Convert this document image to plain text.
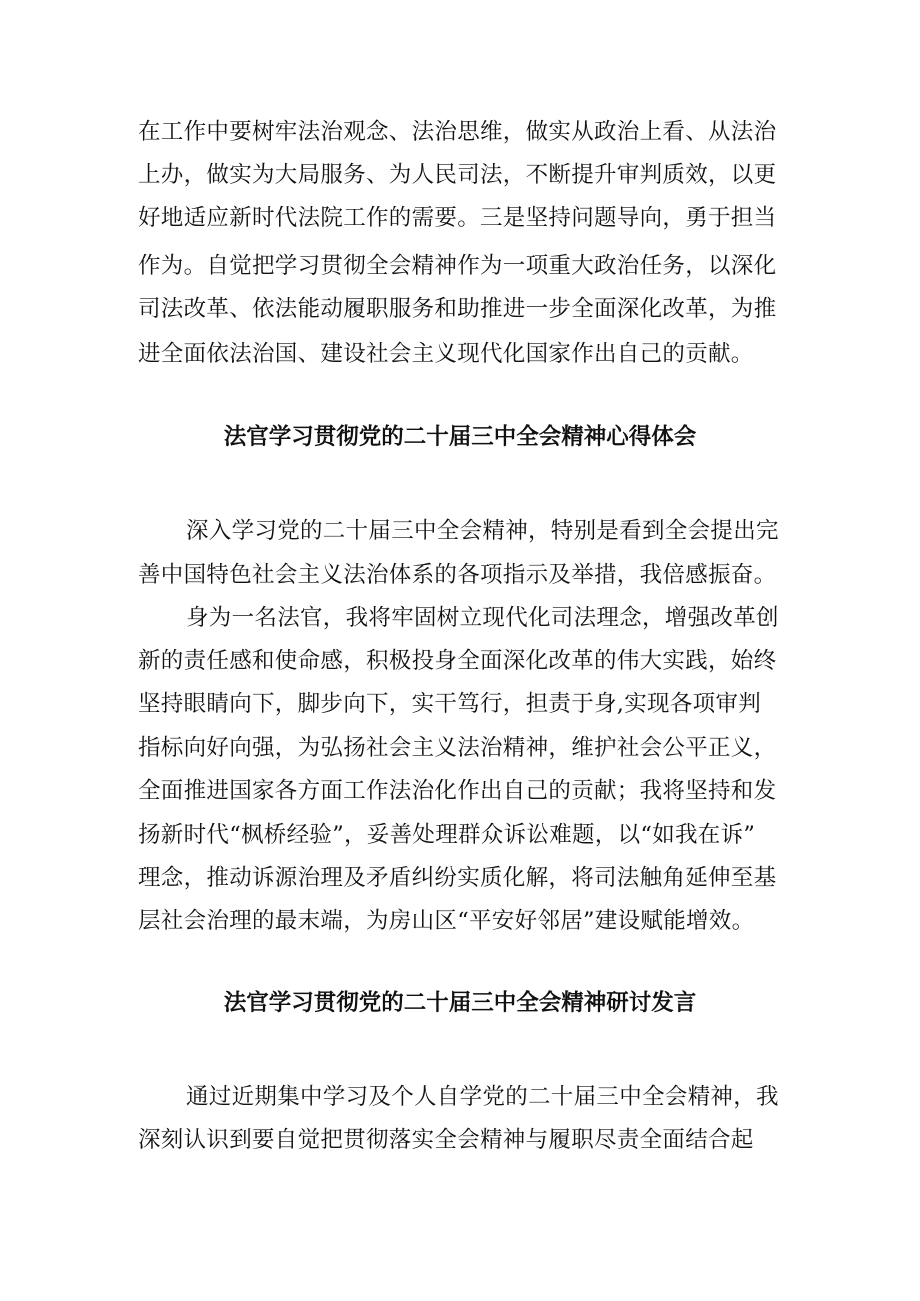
在工作中要树牢法治观念、法治思维，做实从政治上看、从法治
上办，做实为大局服务、为人民司法，不断提升审判质效，以更
好地适应新时代法院工作的需要。三是坚持问题导向，勇于担当
作为。自觉把学习贯彻全会精神作为一项重大政治任务，以深化
司法改革、依法能动履职服务和助推进一步全面深化改革，为推
进全面依法治国、建设社会主义现代化国家作出自己的贡献。
法官学习贯彻党的二十届三中全会精神心得体会
深入学习党的二十届三中全会精神，特别是看到全会提出完
善中国特色社会主义法治体系的各项指示及举措，我倍感振奋。
身为一名法官，我将牢固树立现代化司法理念，增强改革创
新的责任感和使命感，积极投身全面深化改革的伟大实践，始终
坚持眼睛向下，脚步向下，实干笃行，担责于身,实现各项审判
指标向好向强，为弘扬社会主义法治精神，维护社会公平正义，
全面推进国家各方面工作法治化作出自己的贡献；我将坚持和发
扬新时代“枫桥经验”，妥善处理群众诉讼难题，以“如我在诉”
理念，推动诉源治理及矛盾纠纷实质化解，将司法触角延伸至基
层社会治理的最末端，为房山区“平安好邻居”建设赋能增效。
法官学习贯彻党的二十届三中全会精神研讨发言
通过近期集中学习及个人自学党的二十届三中全会精神，我
深刻认识到要自觉把贯彻落实全会精神与履职尽责全面结合起
